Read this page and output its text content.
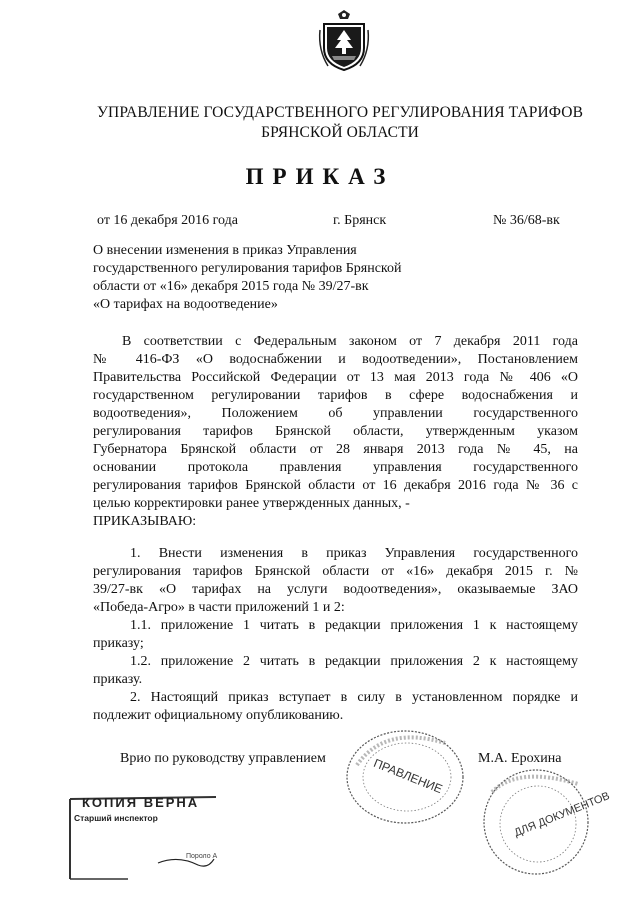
УПРАВЛЕНИЕ ГОСУДАРСТВЕННОГО РЕГУЛИРОВАНИЯ ТАРИФОВ
БРЯНСКОЙ ОБЛАСТИ
ПРИКАЗ
от 16 декабря 2016 года	г. Брянск	№ 36/68-вк
О внесении изменения в приказ Управления
государственного регулирования тарифов Брянской
области от «16» декабря 2015 года № 39/27-вк
«О тарифах на водоотведение»
В соответствии с Федеральным законом от 7 декабря 2011 года
№ 416-ФЗ «О водоснабжении и водоотведении», Постановлением
Правительства Российской Федерации от 13 мая 2013 года № 406 «О
государственном регулировании тарифов в сфере водоснабжения и
водоотведения», Положением об управлении государственного
регулирования тарифов Брянской области, утвержденным указом
Губернатора Брянской области от 28 января 2013 года № 45, на
основании протокола правления управления государственного
регулирования тарифов Брянской области от 16 декабря 2016 года № 36 с
целью корректировки ранее утвержденных данных, -
ПРИКАЗЫВАЮ:
1. Внести изменения в приказ Управления государственного
регулирования тарифов Брянской области от «16» декабря 2015 г. №
39/27-вк «О тарифах на услуги водоотведения», оказываемые ЗАО
«Победа-Агро» в части приложений 1 и 2:
1.1. приложение 1 читать в редакции приложения 1 к настоящему
приказу;
1.2. приложение 2 читать в редакции приложения 2 к настоящему
приказу.
2. Настоящий приказ вступает в силу в установленном порядке и
подлежит официальному опубликованию.
Врио по руководству управлением	М.А. Ерохина
ПРАВЛЕНИЕ
ДЛЯ ДОКУМЕНТОВ
КОПИЯ ВЕРНА
Старший инспектор
Пороло А
